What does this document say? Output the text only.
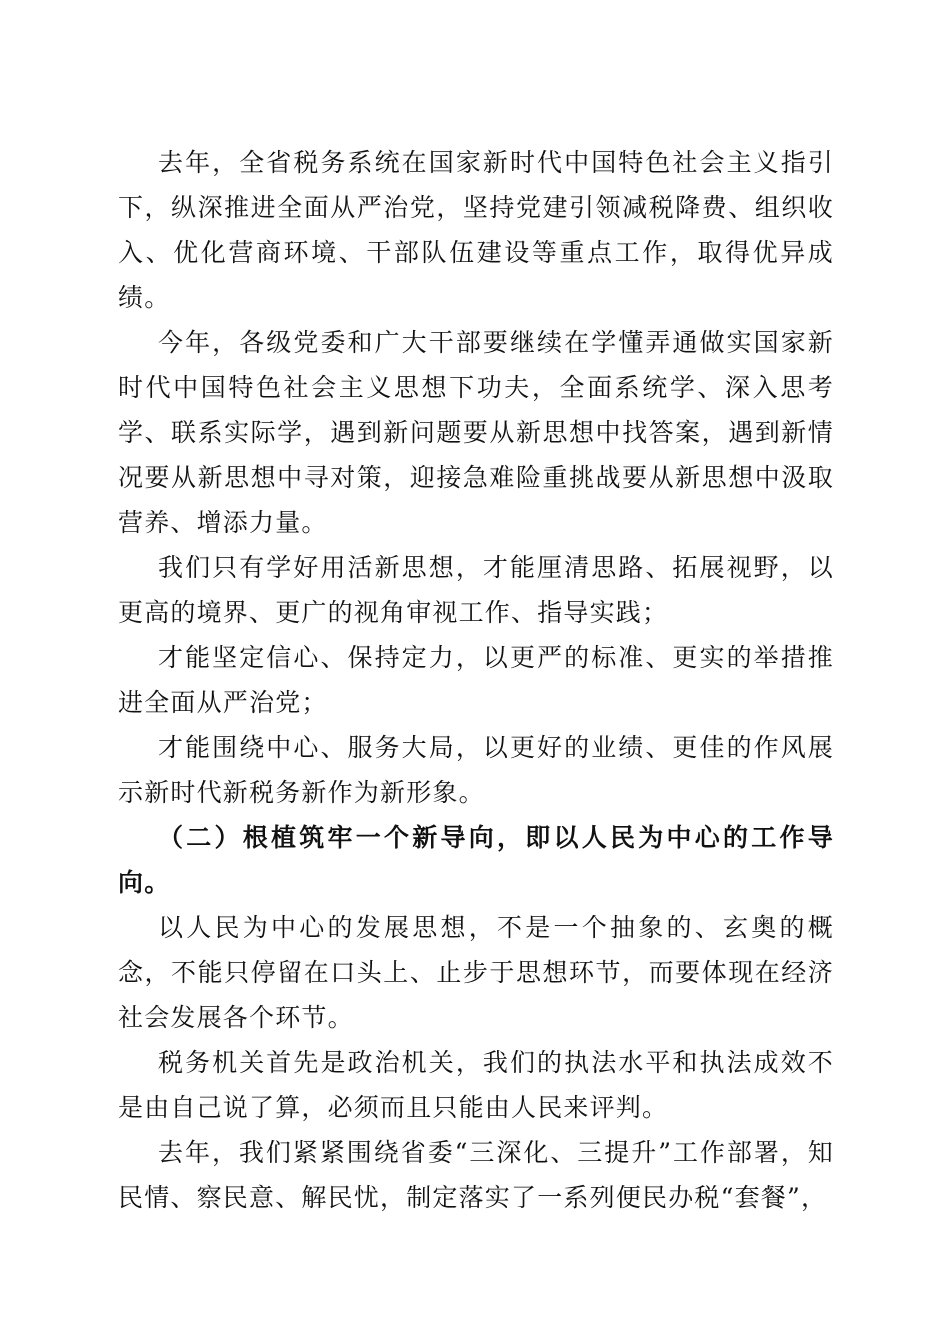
去年，全省税务系统在国家新时代中国特色社会主义指引下，纵深推进全面从严治党，坚持党建引领减税降费、组织收入、优化营商环境、干部队伍建设等重点工作，取得优异成绩。

今年，各级党委和广大干部要继续在学懂弄通做实国家新时代中国特色社会主义思想下功夫，全面系统学、深入思考学、联系实际学，遇到新问题要从新思想中找答案，遇到新情况要从新思想中寻对策，迎接急难险重挑战要从新思想中汲取营养、增添力量。

我们只有学好用活新思想，才能厘清思路、拓展视野，以更高的境界、更广的视角审视工作、指导实践；

才能坚定信心、保持定力，以更严的标准、更实的举措推进全面从严治党；

才能围绕中心、服务大局，以更好的业绩、更佳的作风展示新时代新税务新作为新形象。

（二）根植筑牢一个新导向，即以人民为中心的工作导向。

以人民为中心的发展思想，不是一个抽象的、玄奥的概念，不能只停留在口头上、止步于思想环节，而要体现在经济社会发展各个环节。

税务机关首先是政治机关，我们的执法水平和执法成效不是由自己说了算，必须而且只能由人民来评判。

去年，我们紧紧围绕省委“三深化、三提升”工作部署，知民情、察民意、解民忧，制定落实了一系列便民办税“套餐”，
